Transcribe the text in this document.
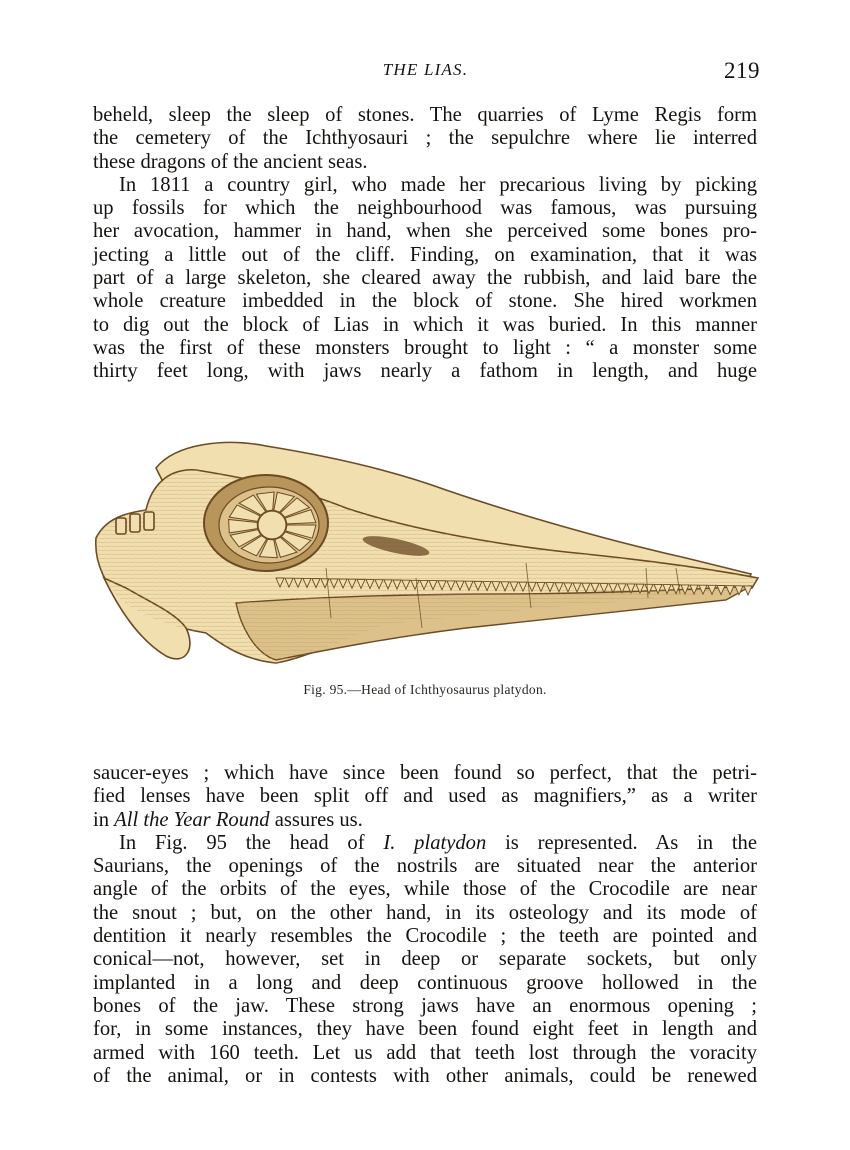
THE LIAS.	219
beheld, sleep the sleep of stones. The quarries of Lyme Regis form
the cemetery of the Ichthyosauri ; the sepulchre where lie interred
these dragons of the ancient seas.
In 1811 a country girl, who made her precarious living by picking
up fossils for which the neighbourhood was famous, was pursuing
her avocation, hammer in hand, when she perceived some bones pro-
jecting a little out of the cliff. Finding, on examination, that it was
part of a large skeleton, she cleared away the rubbish, and laid bare the
whole creature imbedded in the block of stone. She hired workmen
to dig out the block of Lias in which it was buried. In this manner
was the first of these monsters brought to light : “ a monster some
thirty feet long, with jaws nearly a fathom in length, and huge
Fig. 95.—Head of Ichthyosaurus platydon.
saucer-eyes ; which have since been found so perfect, that the petri-
fied lenses have been split off and used as magnifiers,” as a writer
in All the Year Round assures us.
In Fig. 95 the head of I. platydon is represented. As in the
Saurians, the openings of the nostrils are situated near the anterior
angle of the orbits of the eyes, while those of the Crocodile are near
the snout ; but, on the other hand, in its osteology and its mode of
dentition it nearly resembles the Crocodile ; the teeth are pointed and
conical—not, however, set in deep or separate sockets, but only
implanted in a long and deep continuous groove hollowed in the
bones of the jaw. These strong jaws have an enormous opening ;
for, in some instances, they have been found eight feet in length and
armed with 160 teeth. Let us add that teeth lost through the voracity
of the animal, or in contests with other animals, could be renewed
